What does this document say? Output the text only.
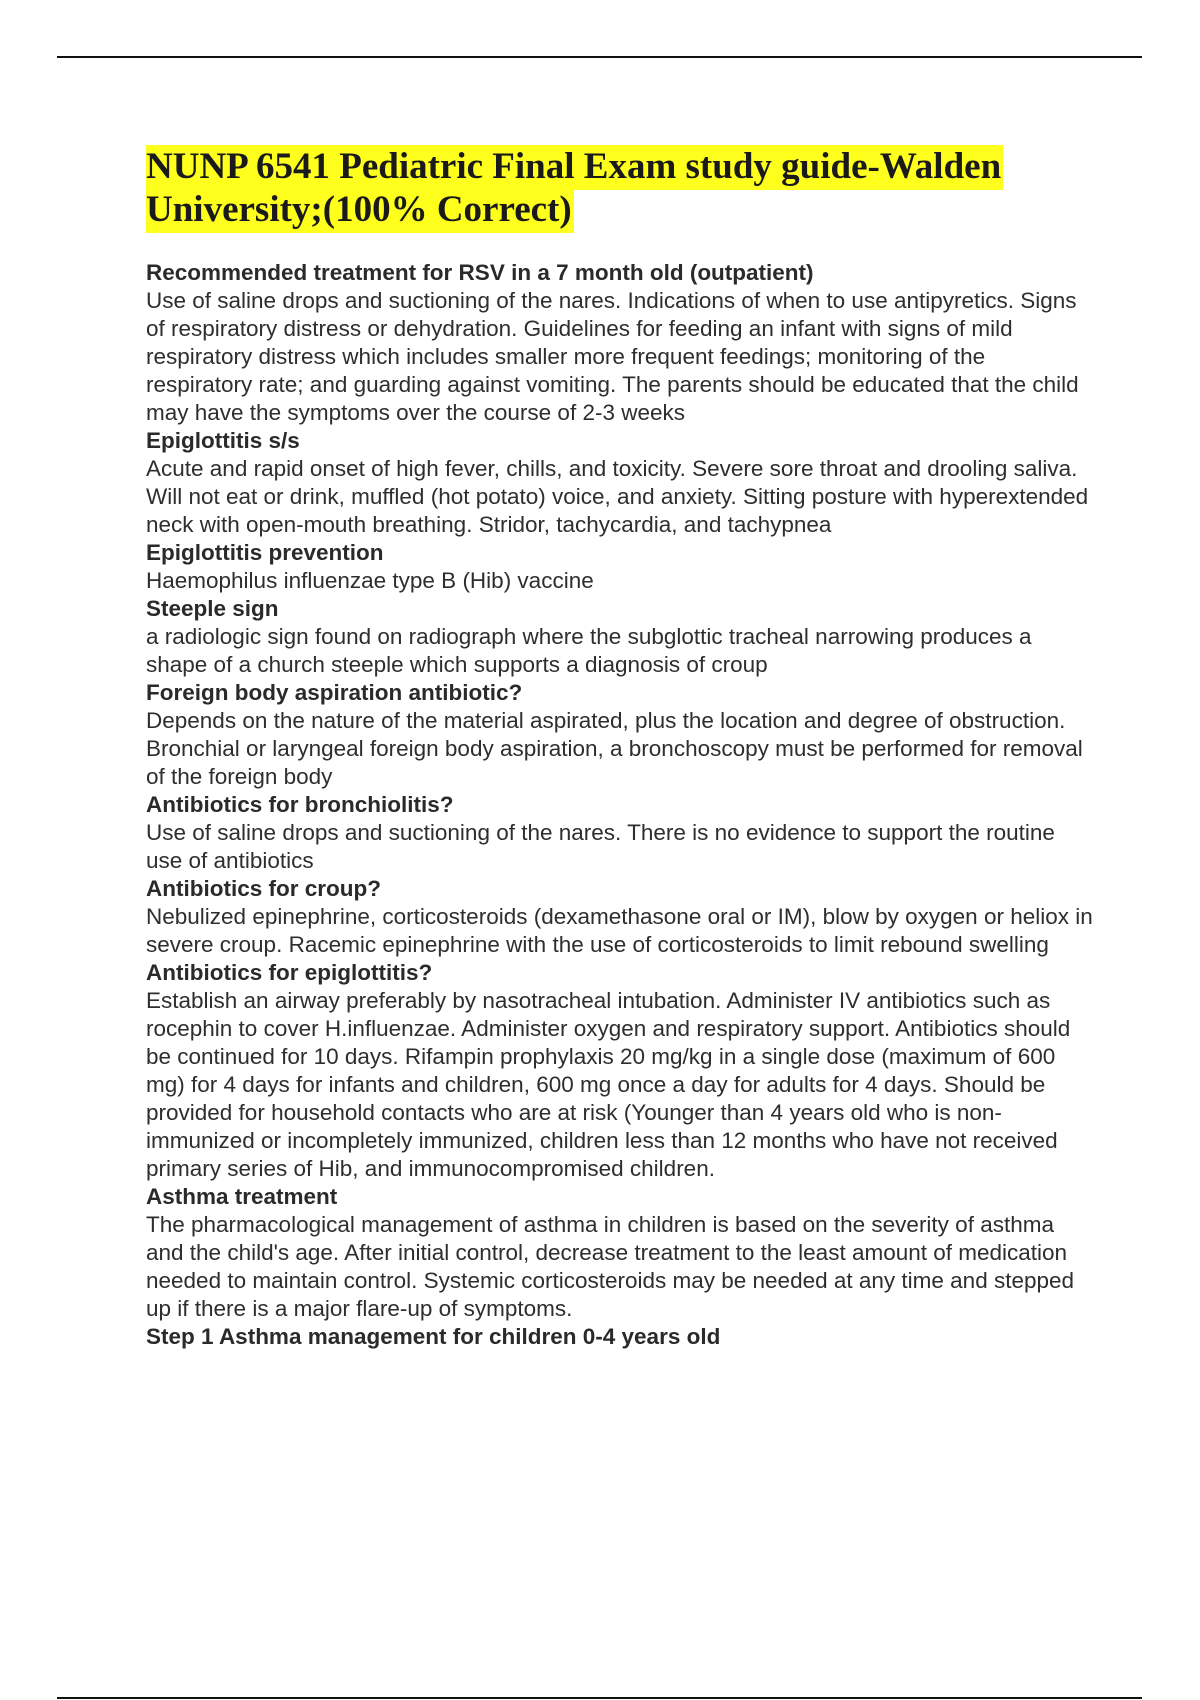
NUNP 6541 Pediatric Final Exam study guide-Walden University;(100% Correct)

Recommended treatment for RSV in a 7 month old (outpatient)

Use of saline drops and suctioning of the nares. Indications of when to use antipyretics. Signs of respiratory distress or dehydration. Guidelines for feeding an infant with signs of mild respiratory distress which includes smaller more frequent feedings; monitoring of the respiratory rate; and guarding against vomiting. The parents should be educated that the child may have the symptoms over the course of 2-3 weeks

Epiglottitis s/s

Acute and rapid onset of high fever, chills, and toxicity. Severe sore throat and drooling saliva. Will not eat or drink, muffled (hot potato) voice, and anxiety. Sitting posture with hyperextended neck with open-mouth breathing. Stridor, tachycardia, and tachypnea

Epiglottitis prevention

Haemophilus influenzae type B (Hib) vaccine

Steeple sign

a radiologic sign found on radiograph where the subglottic tracheal narrowing produces a shape of a church steeple which supports a diagnosis of croup

Foreign body aspiration antibiotic?

Depends on the nature of the material aspirated, plus the location and degree of obstruction. Bronchial or laryngeal foreign body aspiration, a bronchoscopy must be performed for removal of the foreign body

Antibiotics for bronchiolitis?

Use of saline drops and suctioning of the nares. There is no evidence to support the routine use of antibiotics

Antibiotics for croup?

Nebulized epinephrine, corticosteroids (dexamethasone oral or IM), blow by oxygen or heliox in severe croup. Racemic epinephrine with the use of corticosteroids to limit rebound swelling

Antibiotics for epiglottitis?

Establish an airway preferably by nasotracheal intubation. Administer IV antibiotics such as rocephin to cover H.influenzae. Administer oxygen and respiratory support. Antibiotics should be continued for 10 days. Rifampin prophylaxis 20 mg/kg in a single dose (maximum of 600 mg) for 4 days for infants and children, 600 mg once a day for adults for 4 days. Should be provided for household contacts who are at risk (Younger than 4 years old who is non-immunized or incompletely immunized, children less than 12 months who have not received primary series of Hib, and immunocompromised children.

Asthma treatment

The pharmacological management of asthma in children is based on the severity of asthma and the child's age. After initial control, decrease treatment to the least amount of medication needed to maintain control. Systemic corticosteroids may be needed at any time and stepped up if there is a major flare-up of symptoms.

Step 1 Asthma management for children 0-4 years old
